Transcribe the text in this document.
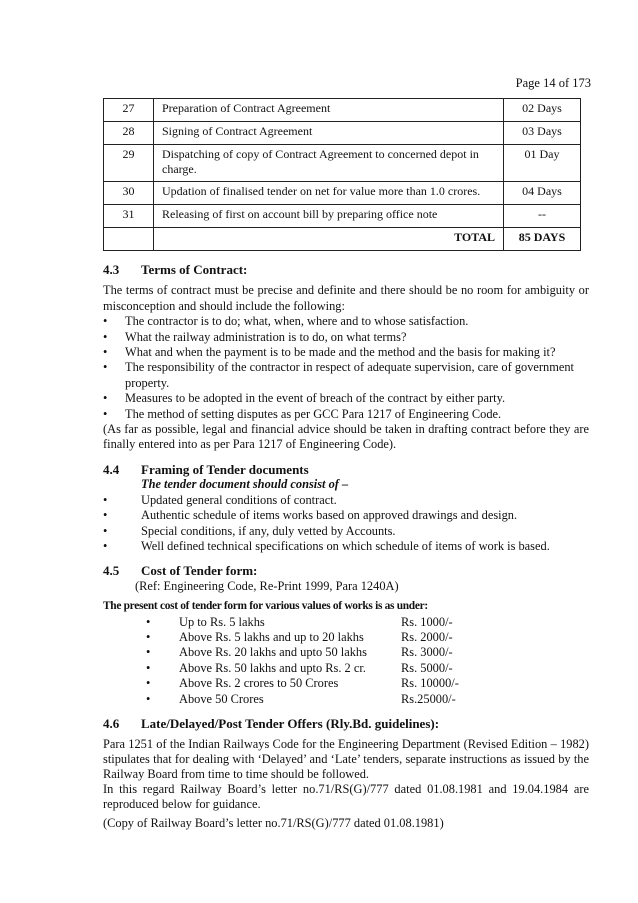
Page 14 of 173
27	Preparation of Contract Agreement	02 Days
28	Signing of Contract Agreement	03 Days
29	Dispatching of copy of Contract Agreement to concerned depot in charge.	01 Day
30	Updation of finalised tender on net for value more than 1.0 crores.	04 Days
31	Releasing of first on account bill by preparing office note	--
	TOTAL	85 DAYS
4.3	Terms of Contract:

The terms of contract must be precise and definite and there should be no room for ambiguity or misconception and should include the following:

• The contractor is to do; what, when, where and to whose satisfaction.
• What the railway administration is to do, on what terms?
• What and when the payment is to be made and the method and the basis for making it?
• The responsibility of the contractor in respect of adequate supervision, care of government property.
• Measures to be adopted in the event of breach of the contract by either party.
• The method of setting disputes as per GCC Para 1217 of Engineering Code.

(As far as possible, legal and financial advice should be taken in drafting contract before they are finally entered into as per Para 1217 of Engineering Code).

4.4	Framing of Tender documents
The tender document should consist of –
•	Updated general conditions of contract.
•	Authentic schedule of items works based on approved drawings and design.
•	Special conditions, if any, duly vetted by Accounts.
•	Well defined technical specifications on which schedule of items of work is based.
4.5	Cost of Tender form:
(Ref: Engineering Code, Re-Print 1999, Para 1240A)
The present cost of tender form for various values of works is as under:
•	Up to Rs. 5 lakhs	Rs. 1000/-
•	Above Rs. 5 lakhs and up to 20 lakhs	Rs. 2000/-
•	Above Rs. 20 lakhs and upto 50 lakhs	Rs. 3000/-
•	Above Rs. 50 lakhs and upto Rs. 2 cr.	Rs. 5000/-
•	Above Rs. 2 crores to 50 Crores	Rs. 10000/-
•	Above 50 Crores	Rs.25000/-
4.6	Late/Delayed/Post Tender Offers (Rly.Bd. guidelines):

Para 1251 of the Indian Railways Code for the Engineering Department (Revised Edition – 1982) stipulates that for dealing with ‘Delayed’ and ‘Late’ tenders, separate instructions as issued by the Railway Board from time to time should be followed.

In this regard Railway Board’s letter no.71/RS(G)/777 dated 01.08.1981 and 19.04.1984 are reproduced below for guidance.

(Copy of Railway Board’s letter no.71/RS(G)/777 dated 01.08.1981)
